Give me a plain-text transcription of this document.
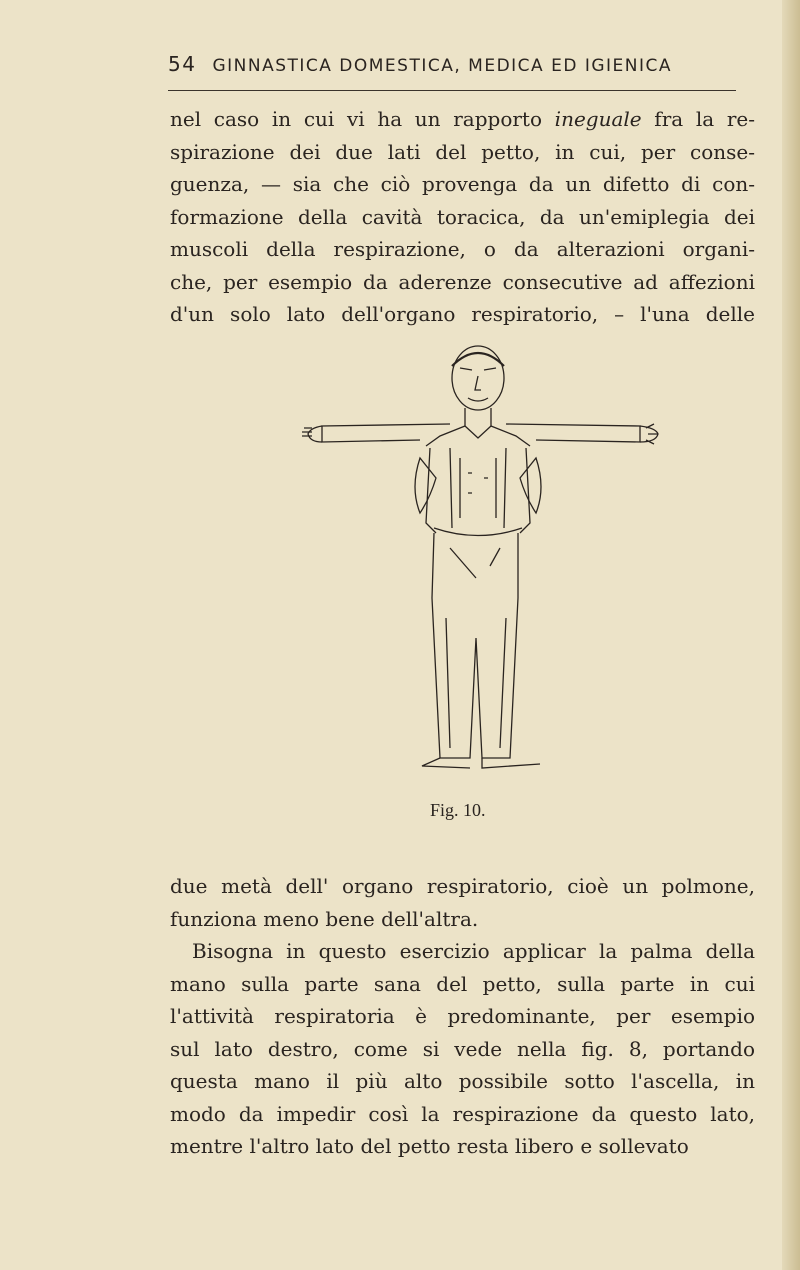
54 GINNASTICA DOMESTICA, MEDICA ED IGIENICA
nel caso in cui vi ha un rapporto ineguale fra la re-
spirazione dei due lati del petto, in cui, per conse-
guenza, — sia che ciò provenga da un difetto di con-
formazione della cavità toracica, da un'emiplegia dei
muscoli della respirazione, o da alterazioni organi-
che, per esempio da aderenze consecutive ad affezioni
d'un solo lato dell'organo respiratorio, – l'una delle
Fig. 10.
due metà dell' organo respiratorio, cioè un polmone,
funziona meno bene dell'altra.
Bisogna in questo esercizio applicar la palma della
mano sulla parte sana del petto, sulla parte in cui
l'attività respiratoria è predominante, per esempio
sul lato destro, come si vede nella fig. 8, portando
questa mano il più alto possibile sotto l'ascella, in
modo da impedir così la respirazione da questo lato,
mentre l'altro lato del petto resta libero e sollevato
